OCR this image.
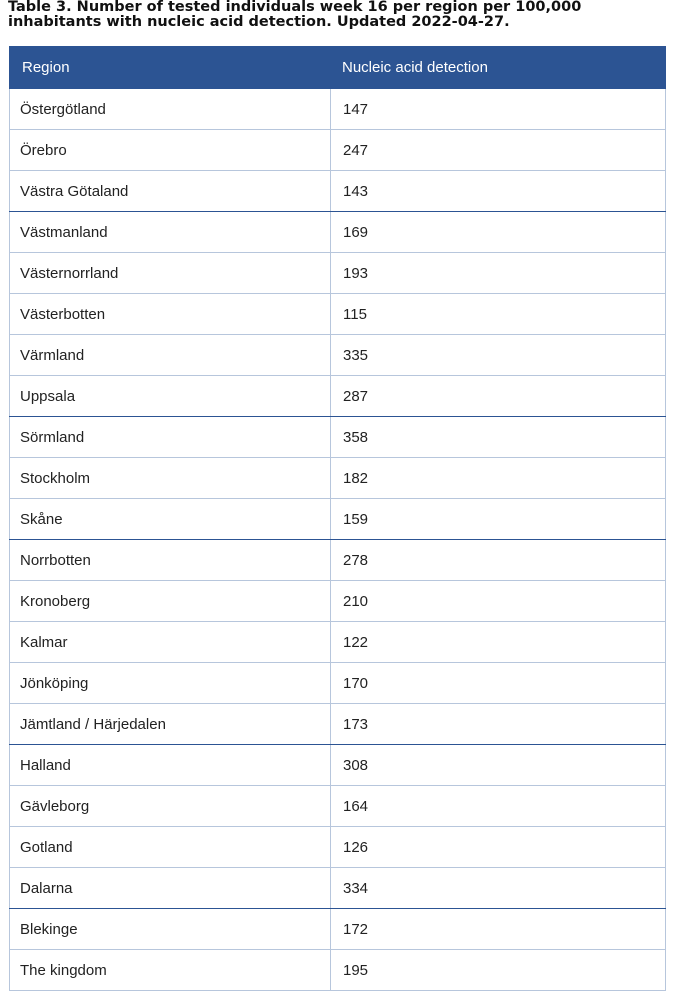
Table 3. Number of tested individuals week 16 per region per 100,000 inhabitants with nucleic acid detection. Updated 2022-04-27.
Region	Nucleic acid detection
Östergötland	147
Örebro	247
Västra Götaland	143
Västmanland	169
Västernorrland	193
Västerbotten	115
Värmland	335
Uppsala	287
Sörmland	358
Stockholm	182
Skåne	159
Norrbotten	278
Kronoberg	210
Kalmar	122
Jönköping	170
Jämtland / Härjedalen	173
Halland	308
Gävleborg	164
Gotland	126
Dalarna	334
Blekinge	172
The kingdom	195
